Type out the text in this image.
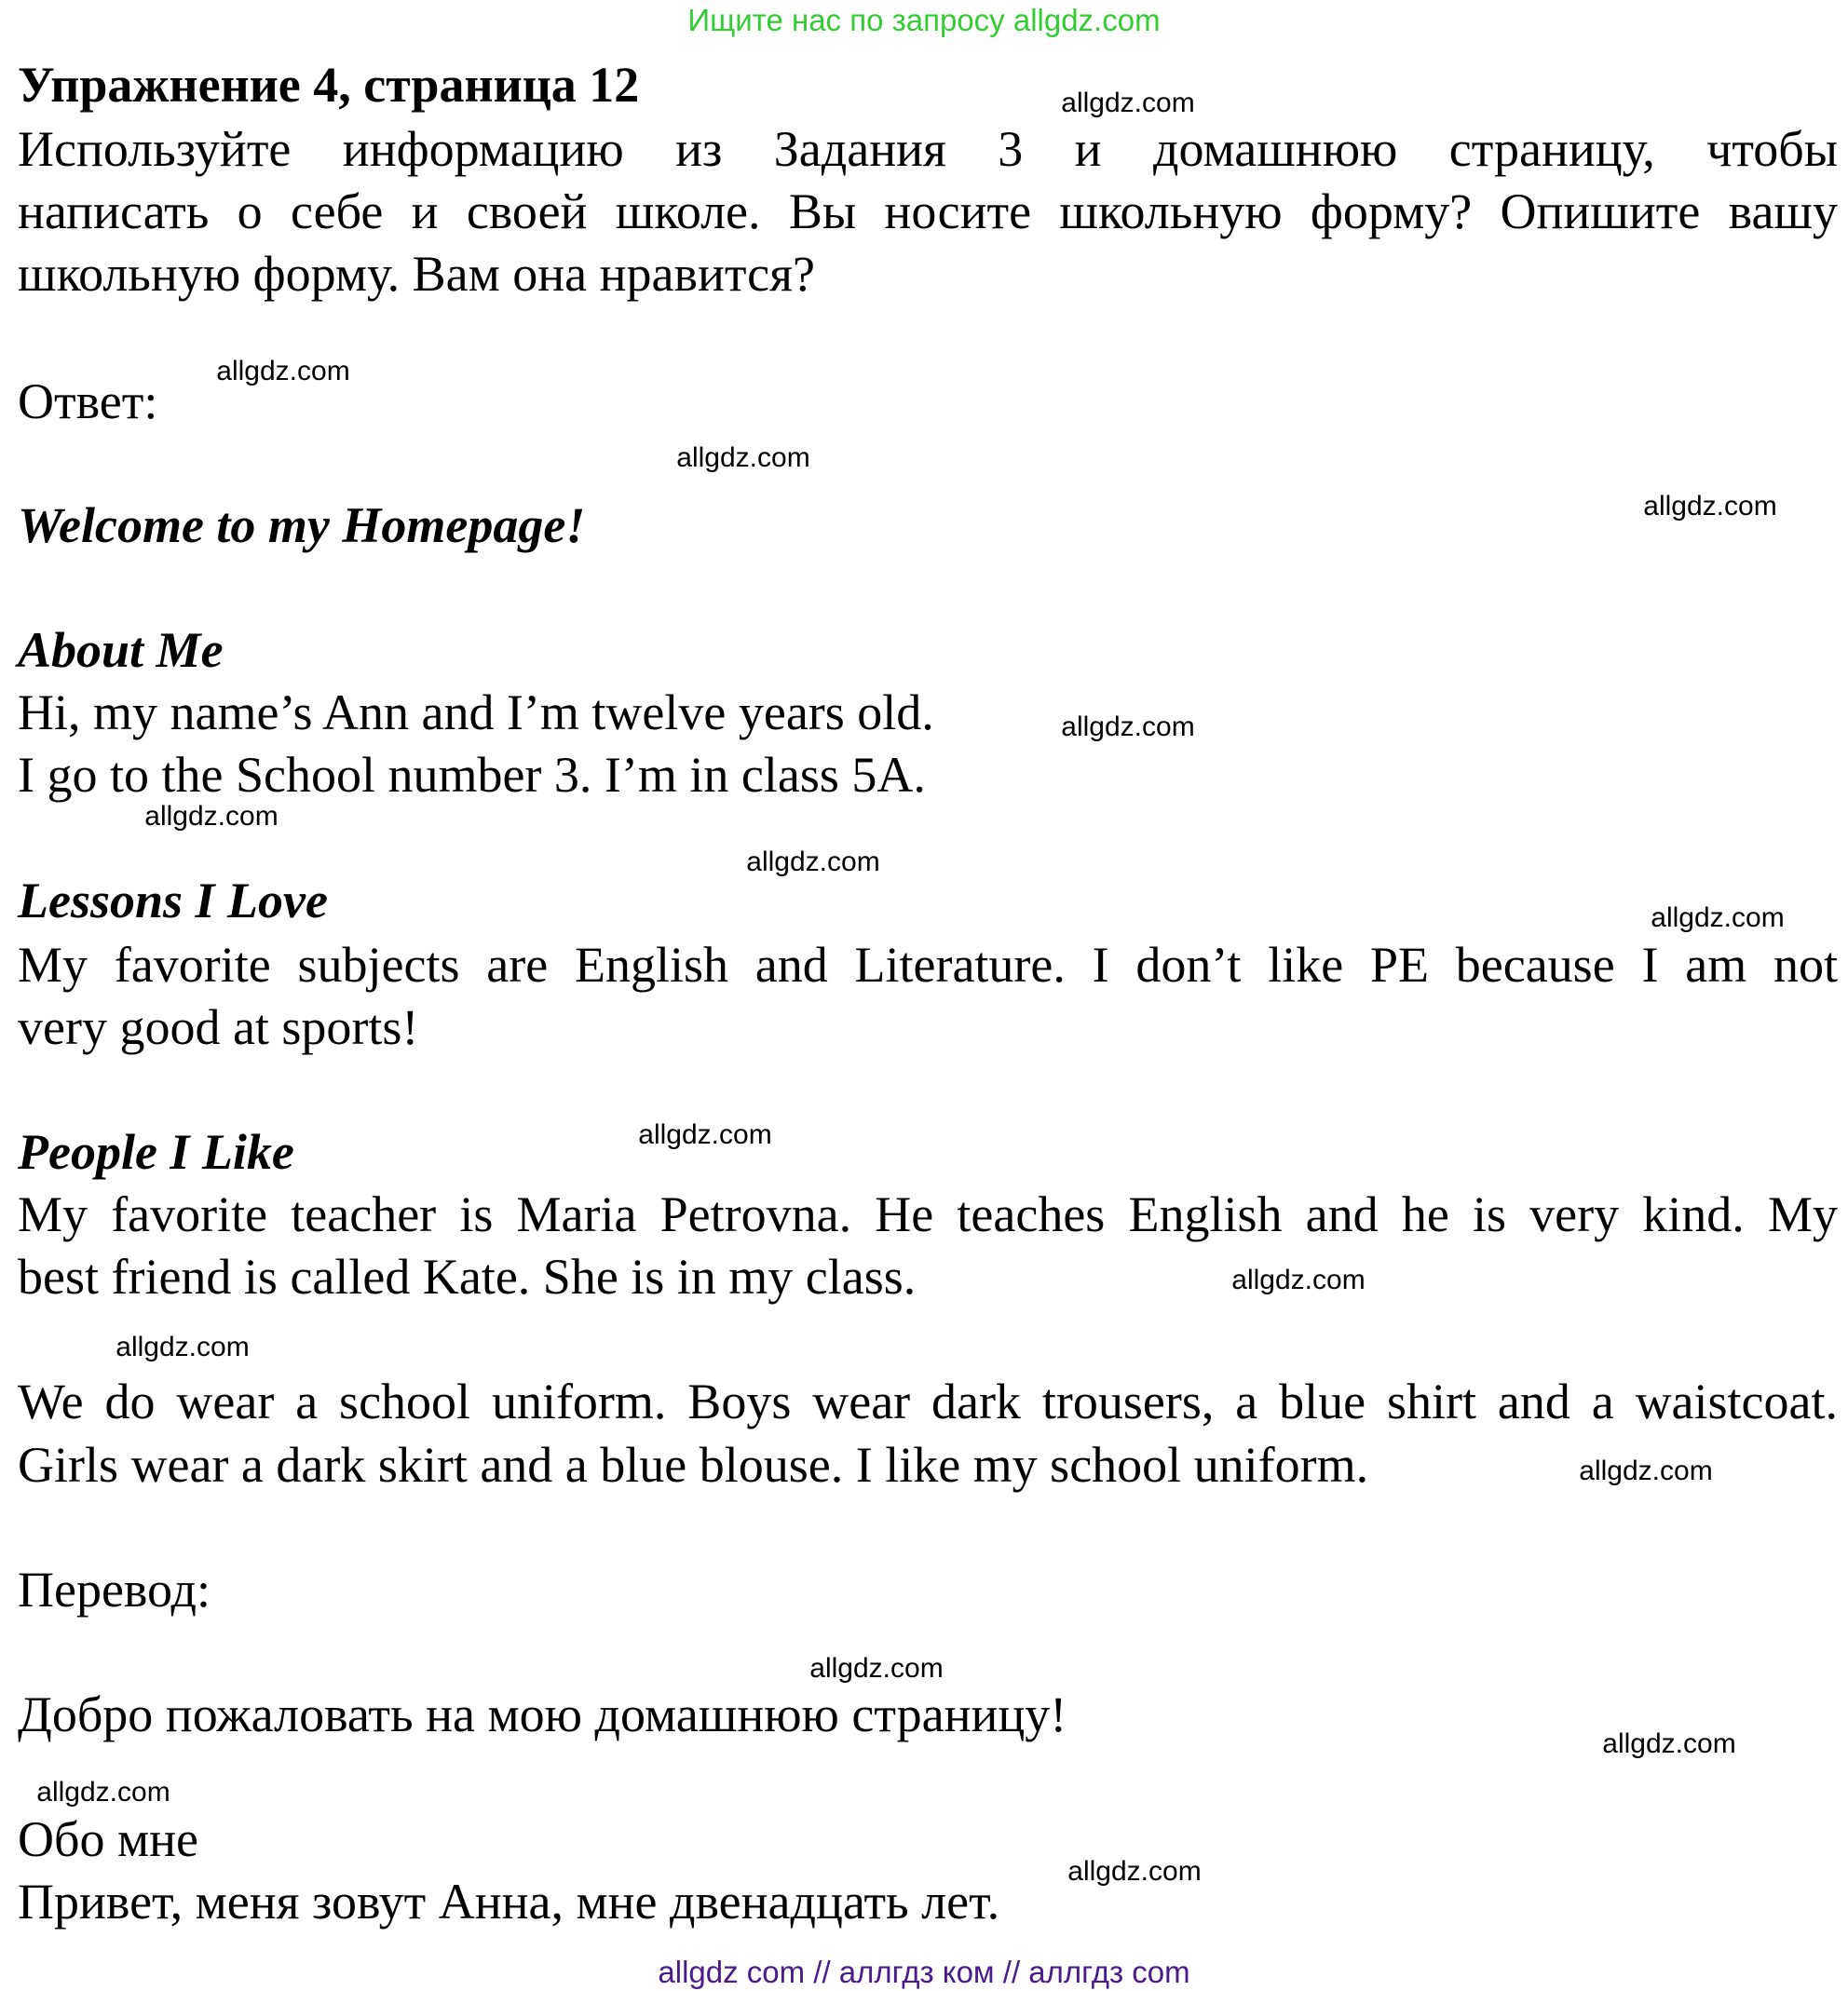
Ищите нас по запросу allgdz.com
Упражнение 4, страница 12
Используйте информацию из Задания 3 и домашнюю страницу, чтобы
написать о себе и своей школе. Вы носите школьную форму? Опишите вашу
школьную форму. Вам она нравится?
Ответ:
Welcome to my Homepage!
About Me
Hi, my name’s Ann and I’m twelve years old.
I go to the School number 3. I’m in class 5A.
Lessons I Love
My favorite subjects are English and Literature. I don’t like PE because I am not
very good at sports!
People I Like
My favorite teacher is Maria Petrovna. He teaches English and he is very kind. My
best friend is called Kate. She is in my class.
We do wear a school uniform. Boys wear dark trousers, a blue shirt and a waistcoat.
Girls wear a dark skirt and a blue blouse. I like my school uniform.
Перевод:
Добро пожаловать на мою домашнюю страницу!
Обо мне
Привет, меня зовут Анна, мне двенадцать лет.
allgdz.com
allgdz.com
allgdz.com
allgdz.com
allgdz.com
allgdz.com
allgdz.com
allgdz.com
allgdz.com
allgdz.com
allgdz.com
allgdz.com
allgdz.com
allgdz.com
allgdz.com
allgdz.com
allgdz com // аллгдз ком // аллгдз com
